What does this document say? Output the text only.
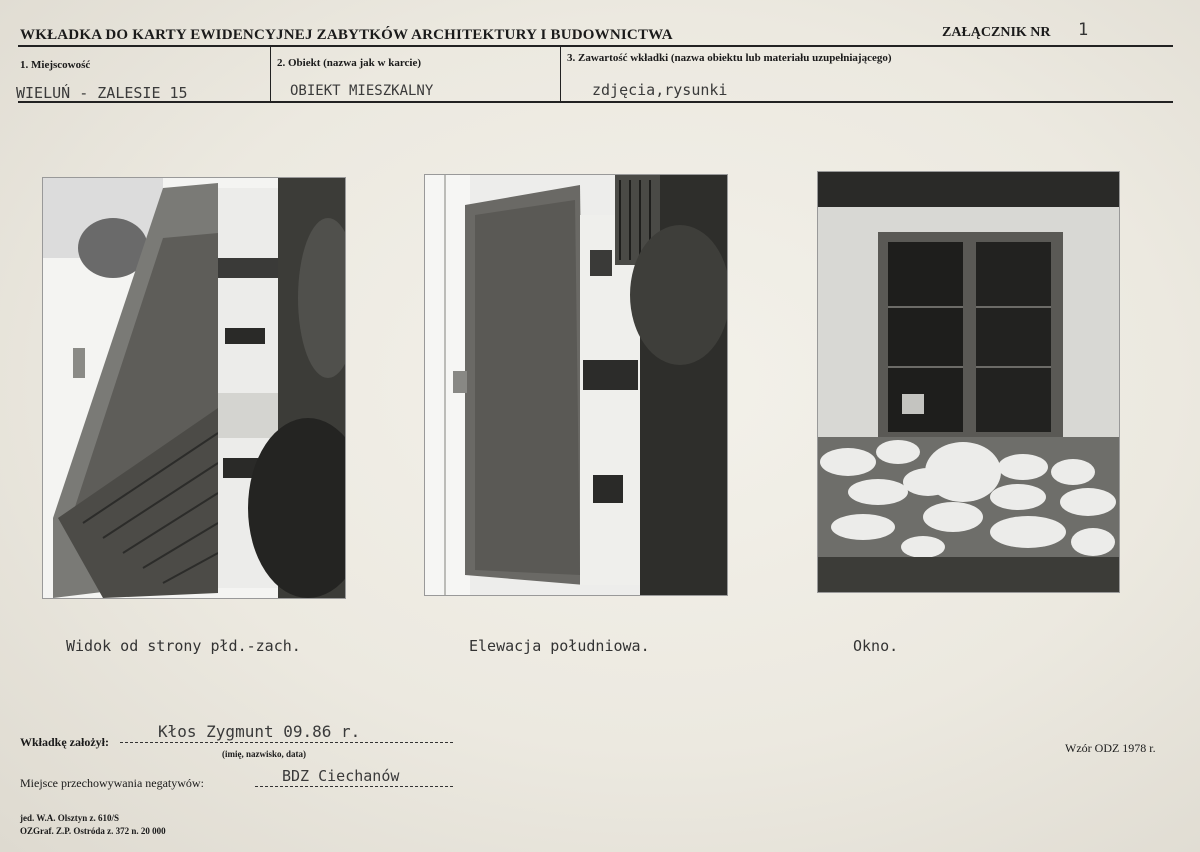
WKŁADKA DO KARTY EWIDENCYJNEJ ZABYTKÓW ARCHITEKTURY I BUDOWNICTWA	ZAŁĄCZNIK NR 1
1. Miejscowość
WIELUŃ - ZALESIE 15
2. Obiekt (nazwa jak w karcie)
OBIEKT MIESZKALNY
3. Zawartość wkładki (nazwa obiektu lub materiału uzupełniającego)
zdjęcia,rysunki
Widok od strony płd.-zach.	Elewacja południowa.	Okno.
Wkładkę założył:
Kłos Zygmunt 09.86 r.
(imię, nazwisko, data)
Miejsce przechowywania negatywów:	BDZ Ciechanów
Wzór ODZ 1978 r.
jed. W.A. Olsztyn z. 610/S
OZGraf. Z.P. Ostróda z. 372 n. 20 000
